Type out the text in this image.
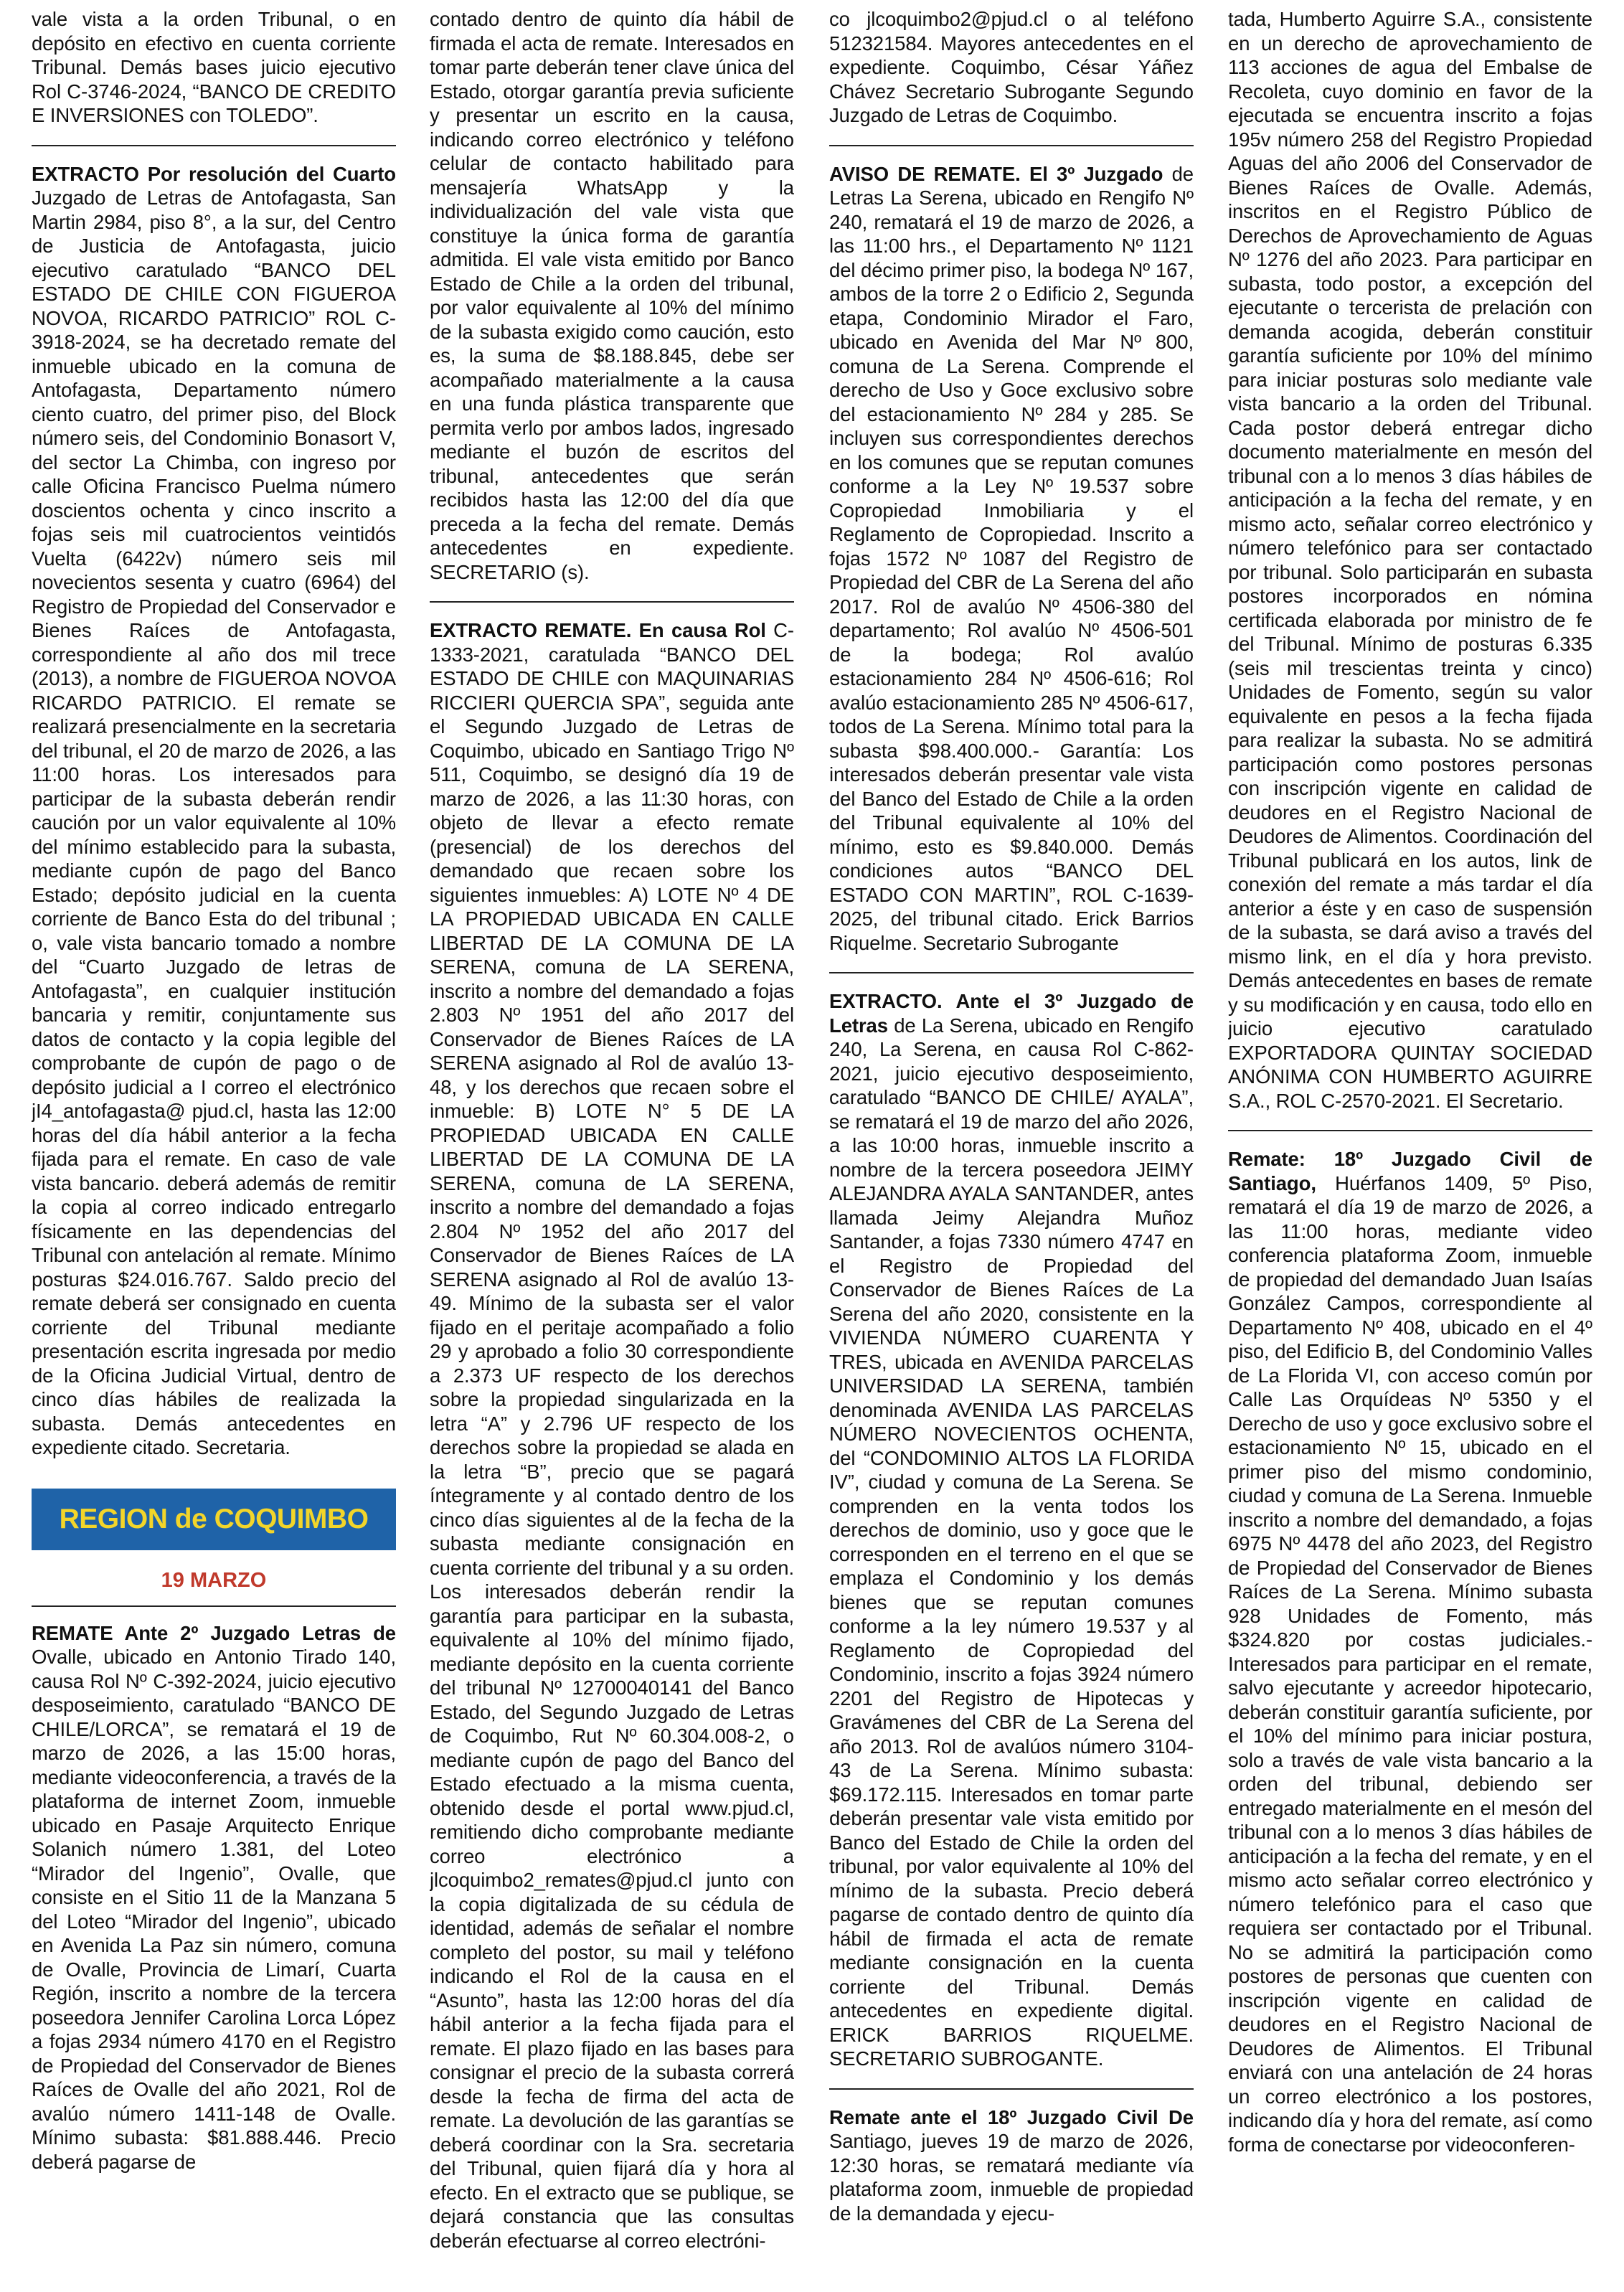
vale vista a la orden Tribunal, o en depósito en efectivo en cuenta corriente Tribunal. Demás bases juicio ejecutivo Rol C-3746-2024, “BANCO DE CREDITO E INVERSIONES con TOLEDO”.

EXTRACTO Por resolución del Cuarto Juzgado de Letras de Antofagasta, San Martin 2984, piso 8°, a la sur, del Centro de Justicia de Antofagasta, juicio ejecutivo caratulado “BANCO DEL ESTADO DE CHILE CON FIGUEROA NOVOA, RICARDO PATRICIO” ROL C-3918-2024, se ha decretado remate del inmueble ubicado en la comuna de Antofagasta, Departamento número ciento cuatro, del primer piso, del Block número seis, del Condominio Bonasort V, del sector La Chimba, con ingreso por calle Oficina Francisco Puelma número doscientos ochenta y cinco inscrito a fojas seis mil cuatrocientos veintidós Vuelta (6422v) número seis mil novecientos sesenta y cuatro (6964) del Registro de Propiedad del Conservador e Bienes Raíces de Antofagasta, correspondiente al año dos mil trece (2013), a nombre de FIGUEROA NOVOA RICARDO PATRICIO. El remate se realizará presencialmente en la secretaria del tribunal, el 20 de marzo de 2026, a las 11:00 horas. Los interesados para participar de la subasta deberán rendir caución por un valor equivalente al 10% del mínimo establecido para la subasta, mediante cupón de pago del Banco Estado; depósito judicial en la cuenta corriente de Banco Esta do del tribunal ; o, vale vista bancario tomado a nombre del “Cuarto Juzgado de letras de Antofagasta”, en cualquier institución bancaria y remitir, conjuntamente sus datos de contacto y la copia legible del comprobante de cupón de pago o de depósito judicial a I correo el electrónico jI4_antofagasta@ pjud.cl, hasta las 12:00 horas del día hábil anterior a la fecha fijada para el remate. En caso de vale vista bancario. deberá además de remitir la copia al correo indicado entregarlo físicamente en las dependencias del Tribunal con antelación al remate. Mínimo posturas $24.016.767. Saldo precio del remate deberá ser consignado en cuenta corriente del Tribunal mediante presentación escrita ingresada por medio de la Oficina Judicial Virtual, dentro de cinco días hábiles de realizada la subasta. Demás antecedentes en expediente citado. Secretaria.

REGION de COQUIMBO
19 MARZO

REMATE Ante 2º Juzgado Letras de Ovalle, ubicado en Antonio Tirado 140, causa Rol Nº C-392-2024, juicio ejecutivo desposeimiento, caratulado “BANCO DE CHILE/LORCA”, se rematará el 19 de marzo de 2026, a las 15:00 horas, mediante videoconferencia, a través de la plataforma de internet Zoom, inmueble ubicado en Pasaje Arquitecto Enrique Solanich número 1.381, del Loteo “Mirador del Ingenio”, Ovalle, que consiste en el Sitio 11 de la Manzana 5 del Loteo “Mirador del Ingenio”, ubicado en Avenida La Paz sin número, comuna de Ovalle, Provincia de Limarí, Cuarta Región, inscrito a nombre de la tercera poseedora Jennifer Carolina Lorca López a fojas 2934 número 4170 en el Registro de Propiedad del Conservador de Bienes Raíces de Ovalle del año 2021, Rol de avalúo número 1411-148 de Ovalle. Mínimo subasta: $81.888.446. Precio deberá pagarse de

contado dentro de quinto día hábil de firmada el acta de remate. Interesados en tomar parte deberán tener clave única del Estado, otorgar garantía previa suficiente y presentar un escrito en la causa, indicando correo electrónico y teléfono celular de contacto habilitado para mensajería WhatsApp y la individualización del vale vista que constituye la única forma de garantía admitida. El vale vista emitido por Banco Estado de Chile a la orden del tribunal, por valor equivalente al 10% del mínimo de la subasta exigido como caución, esto es, la suma de $8.188.845, debe ser acompañado materialmente a la causa en una funda plástica transparente que permita verlo por ambos lados, ingresado mediante el buzón de escritos del tribunal, antecedentes que serán recibidos hasta las 12:00 del día que preceda a la fecha del remate. Demás antecedentes en expediente. SECRETARIO (s).

EXTRACTO REMATE. En causa Rol C-1333-2021, caratulada “BANCO DEL ESTADO DE CHILE con MAQUINARIAS RICCIERI QUERCIA SPA”, seguida ante el Segundo Juzgado de Letras de Coquimbo, ubicado en Santiago Trigo Nº 511, Coquimbo, se designó día 19 de marzo de 2026, a las 11:30 horas, con objeto de llevar a efecto remate (presencial) de los derechos del demandado que recaen sobre los siguientes inmuebles: A) LOTE Nº 4 DE LA PROPIEDAD UBICADA EN CALLE LIBERTAD DE LA COMUNA DE LA SERENA, comuna de LA SERENA, inscrito a nombre del demandado a fojas 2.803 Nº 1951 del año 2017 del Conservador de Bienes Raíces de LA SERENA asignado al Rol de avalúo 13-48, y los derechos que recaen sobre el inmueble: B) LOTE N° 5 DE LA PROPIEDAD UBICADA EN CALLE LIBERTAD DE LA COMUNA DE LA SERENA, comuna de LA SERENA, inscrito a nombre del demandado a fojas 2.804 Nº 1952 del año 2017 del Conservador de Bienes Raíces de LA SERENA asignado al Rol de avalúo 13-49. Mínimo de la subasta ser el valor fijado en el peritaje acompañado a folio 29 y aprobado a folio 30 correspondiente a 2.373 UF respecto de los derechos sobre la propiedad singularizada en la letra “A” y 2.796 UF respecto de los derechos sobre la propiedad se alada en la letra “B”, precio que se pagará íntegramente y al contado dentro de los cinco días siguientes al de la fecha de la subasta mediante consignación en cuenta corriente del tribunal y a su orden. Los interesados deberán rendir la garantía para participar en la subasta, equivalente al 10% del mínimo fijado, mediante depósito en la cuenta corriente del tribunal Nº 12700040141 del Banco Estado, del Segundo Juzgado de Letras de Coquimbo, Rut Nº 60.304.008-2, o mediante cupón de pago del Banco del Estado efectuado a la misma cuenta, obtenido desde el portal www.pjud.cl, remitiendo dicho comprobante mediante correo electrónico a jlcoquimbo2_remates@pjud.cl junto con la copia digitalizada de su cédula de identidad, además de señalar el nombre completo del postor, su mail y teléfono indicando el Rol de la causa en el “Asunto”, hasta las 12:00 horas del día hábil anterior a la fecha fijada para el remate. El plazo fijado en las bases para consignar el precio de la subasta correrá desde la fecha de firma del acta de remate. La devolución de las garantías se deberá coordinar con la Sra. secretaria del Tribunal, quien fijará día y hora al efecto. En el extracto que se publique, se dejará constancia que las consultas deberán efectuarse al correo electróni-

co jlcoquimbo2@pjud.cl o al teléfono 512321584. Mayores antecedentes en el expediente. Coquimbo, César Yáñez Chávez Secretario Subrogante Segundo Juzgado de Letras de Coquimbo.

AVISO DE REMATE. El 3º Juzgado de Letras La Serena, ubicado en Rengifo Nº 240, rematará el 19 de marzo de 2026, a las 11:00 hrs., el Departamento Nº 1121 del décimo primer piso, la bodega Nº 167, ambos de la torre 2 o Edificio 2, Segunda etapa, Condominio Mirador el Faro, ubicado en Avenida del Mar Nº 800, comuna de La Serena. Comprende el derecho de Uso y Goce exclusivo sobre del estacionamiento Nº 284 y 285. Se incluyen sus correspondientes derechos en los comunes que se reputan comunes conforme a la Ley Nº 19.537 sobre Copropiedad Inmobiliaria y el Reglamento de Copropiedad. Inscrito a fojas 1572 Nº 1087 del Registro de Propiedad del CBR de La Serena del año 2017. Rol de avalúo Nº 4506-380 del departamento; Rol avalúo Nº 4506-501 de la bodega; Rol avalúo estacionamiento 284 Nº 4506-616; Rol avalúo estacionamiento 285 Nº 4506-617, todos de La Serena. Mínimo total para la subasta $98.400.000.- Garantía: Los interesados deberán presentar vale vista del Banco del Estado de Chile a la orden del Tribunal equivalente al 10% del mínimo, esto es $9.840.000. Demás condiciones autos “BANCO DEL ESTADO CON MARTIN”, ROL C-1639-2025, del tribunal citado. Erick Barrios Riquelme. Secretario Subrogante

EXTRACTO. Ante el 3º Juzgado de Letras de La Serena, ubicado en Rengifo 240, La Serena, en causa Rol C-862-2021, juicio ejecutivo desposeimiento, caratulado “BANCO DE CHILE/ AYALA”, se rematará el 19 de marzo del año 2026, a las 10:00 horas, inmueble inscrito a nombre de la tercera poseedora JEIMY ALEJANDRA AYALA SANTANDER, antes llamada Jeimy Alejandra Muñoz Santander, a fojas 7330 número 4747 en el Registro de Propiedad del Conservador de Bienes Raíces de La Serena del año 2020, consistente en la VIVIENDA NÚMERO CUARENTA Y TRES, ubicada en AVENIDA PARCELAS UNIVERSIDAD LA SERENA, también denominada AVENIDA LAS PARCELAS NÚMERO NOVECIENTOS OCHENTA, del “CONDOMINIO ALTOS LA FLORIDA IV”, ciudad y comuna de La Serena. Se comprenden en la venta todos los derechos de dominio, uso y goce que le corresponden en el terreno en el que se emplaza el Condominio y los demás bienes que se reputan comunes conforme a la ley número 19.537 y al Reglamento de Copropiedad del Condominio, inscrito a fojas 3924 número 2201 del Registro de Hipotecas y Gravámenes del CBR de La Serena del año 2013. Rol de avalúos número 3104-43 de La Serena. Mínimo subasta: $69.172.115. Interesados en tomar parte deberán presentar vale vista emitido por Banco del Estado de Chile la orden del tribunal, por valor equivalente al 10% del mínimo de la subasta. Precio deberá pagarse de contado dentro de quinto día hábil de firmada el acta de remate mediante consignación en la cuenta corriente del Tribunal. Demás antecedentes en expediente digital. ERICK BARRIOS RIQUELME. SECRETARIO SUBROGANTE.

Remate ante el 18º Juzgado Civil De Santiago, jueves 19 de marzo de 2026, 12:30 horas, se rematará mediante vía plataforma zoom, inmueble de propiedad de la demandada y ejecu-

tada, Humberto Aguirre S.A., consistente en un derecho de aprovechamiento de 113 acciones de agua del Embalse de Recoleta, cuyo dominio en favor de la ejecutada se encuentra inscrito a fojas 195v número 258 del Registro Propiedad Aguas del año 2006 del Conservador de Bienes Raíces de Ovalle. Además, inscritos en el Registro Público de Derechos de Aprovechamiento de Aguas Nº 1276 del año 2023. Para participar en subasta, todo postor, a excepción del ejecutante o tercerista de prelación con demanda acogida, deberán constituir garantía suficiente por 10% del mínimo para iniciar posturas solo mediante vale vista bancario a la orden del Tribunal. Cada postor deberá entregar dicho documento materialmente en mesón del tribunal con a lo menos 3 días hábiles de anticipación a la fecha del remate, y en mismo acto, señalar correo electrónico y número telefónico para ser contactado por tribunal. Solo participarán en subasta postores incorporados en nómina certificada elaborada por ministro de fe del Tribunal. Mínimo de posturas 6.335 (seis mil trescientas treinta y cinco) Unidades de Fomento, según su valor equivalente en pesos a la fecha fijada para realizar la subasta. No se admitirá participación como postores personas con inscripción vigente en calidad de deudores en el Registro Nacional de Deudores de Alimentos. Coordinación del Tribunal publicará en los autos, link de conexión del remate a más tardar el día anterior a éste y en caso de suspensión de la subasta, se dará aviso a través del mismo link, en el día y hora previsto. Demás antecedentes en bases de remate y su modificación y en causa, todo ello en juicio ejecutivo caratulado EXPORTADORA QUINTAY SOCIEDAD ANÓNIMA CON HUMBERTO AGUIRRE S.A., ROL C-2570-2021. El Secretario.

Remate: 18º Juzgado Civil de Santiago, Huérfanos 1409, 5º Piso, rematará el día 19 de marzo de 2026, a las 11:00 horas, mediante video conferencia plataforma Zoom, inmueble de propiedad del demandado Juan Isaías González Campos, correspondiente al Departamento Nº 408, ubicado en el 4º piso, del Edificio B, del Condominio Valles de La Florida VI, con acceso común por Calle Las Orquídeas Nº 5350 y el Derecho de uso y goce exclusivo sobre el estacionamiento Nº 15, ubicado en el primer piso del mismo condominio, ciudad y comuna de La Serena. Inmueble inscrito a nombre del demandado, a fojas 6975 Nº 4478 del año 2023, del Registro de Propiedad del Conservador de Bienes Raíces de La Serena. Mínimo subasta 928 Unidades de Fomento, más $324.820 por costas judiciales.- Interesados para participar en el remate, salvo ejecutante y acreedor hipotecario, deberán constituir garantía suficiente, por el 10% del mínimo para iniciar postura, solo a través de vale vista bancario a la orden del tribunal, debiendo ser entregado materialmente en el mesón del tribunal con a lo menos 3 días hábiles de anticipación a la fecha del remate, y en el mismo acto señalar correo electrónico y número telefónico para el caso que requiera ser contactado por el Tribunal. No se admitirá la participación como postores de personas que cuenten con inscripción vigente en calidad de deudores en el Registro Nacional de Deudores de Alimentos. El Tribunal enviará con una antelación de 24 horas un correo electrónico a los postores, indicando día y hora del remate, así como forma de conectarse por videoconferen-
